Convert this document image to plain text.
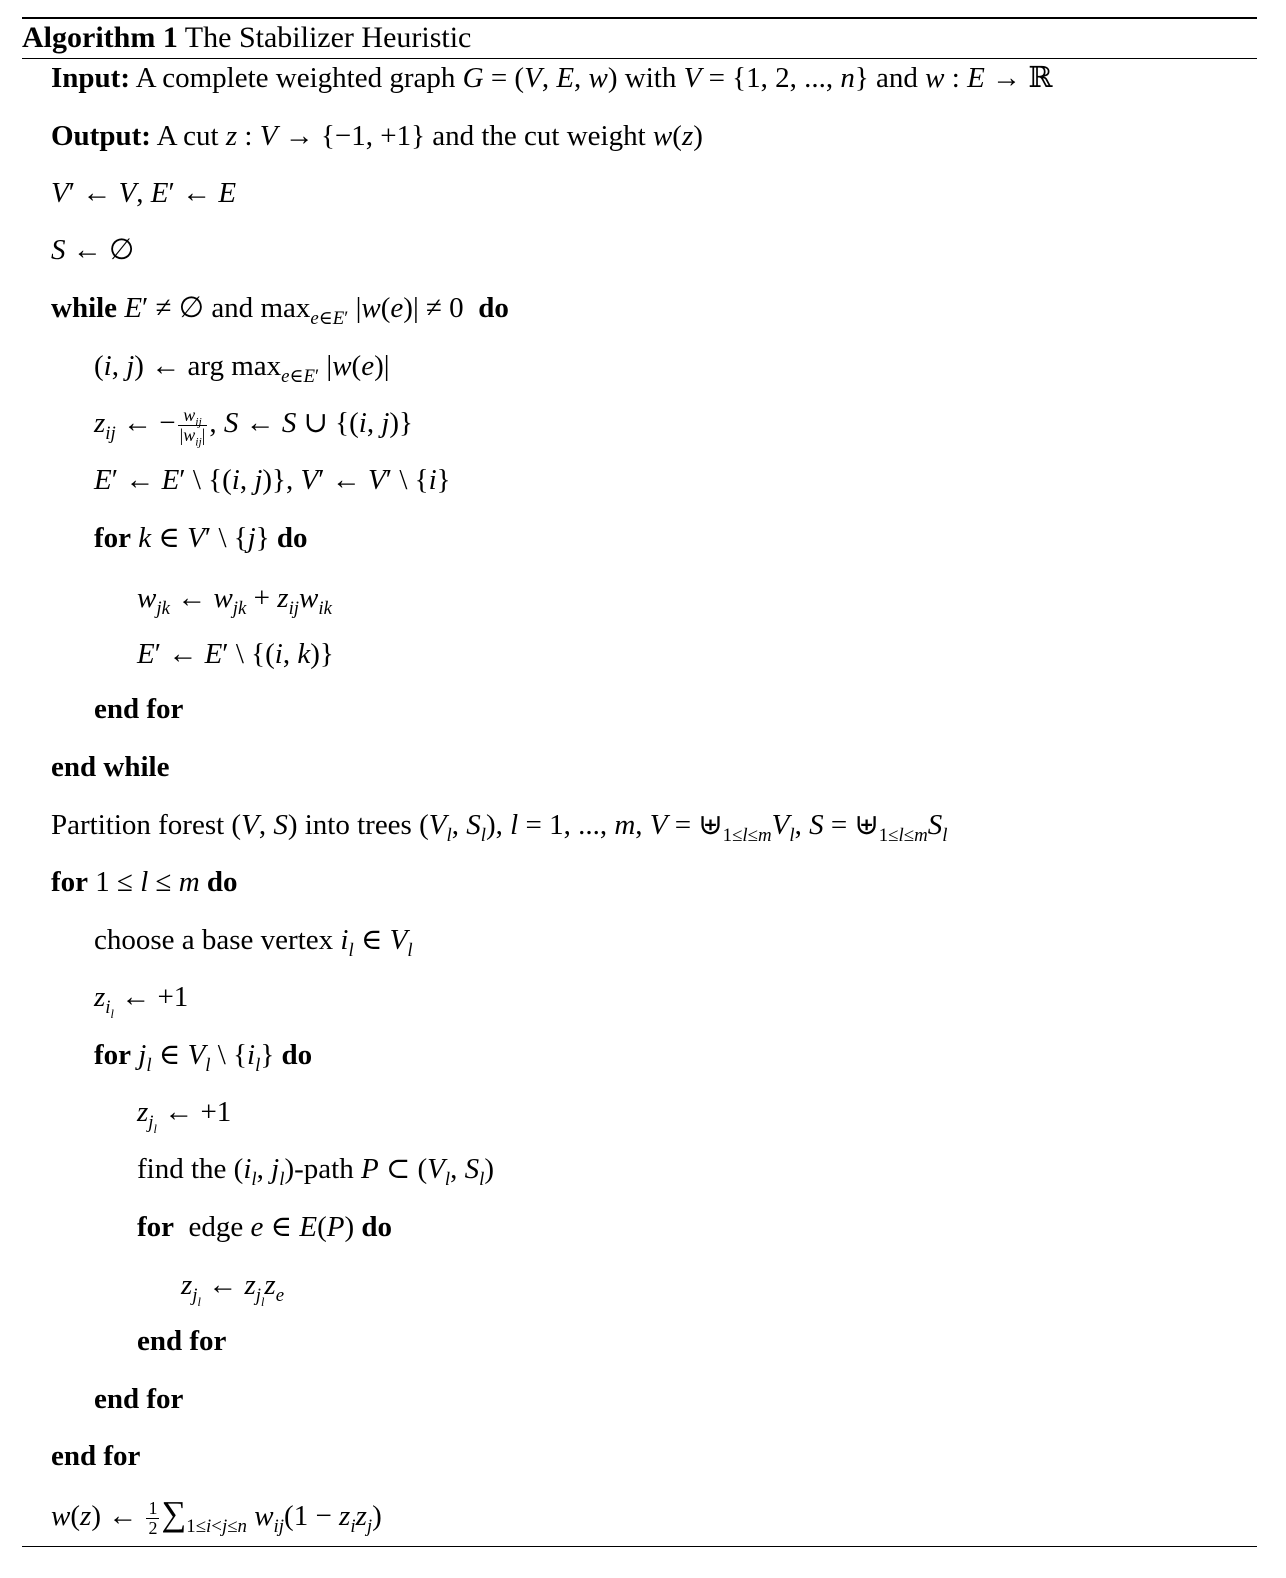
Algorithm 1 The Stabilizer Heuristic
Input: A complete weighted graph G = (V, E, w) with V = {1, 2, ..., n} and w : E → ℝ
Output: A cut z : V → {−1, +1} and the cut weight w(z)
V′ ← V, E′ ← E
S ← ∅
while E′ ≠ ∅ and $\max_{e\in E'} |w(e)| \ne 0$  do
(i, j) ← arg $\max_{e\in E'} |w(e)|$
$z_{ij}$ ← − $\frac{w_{ij}}{|w_{ij}|}$ , S ← S ∪ {(i, j)}
E′ ← E′ \ {(i, j)}, V′ ← V′ \ {i}
for k ∈ V′ \ {j} do
$w_{jk}$ ← $w_{jk} + z_{ij}w_{ik}$
E′ ← E′ \ {(i, k)}
end for
end while
Partition forest (V, S) into trees ($V_l$, $S_l$), l = 1, ..., m, $V = ⊎_{1\le l\le m}V_l$, $S = ⊎_{1\le l\le m}S_l$
for 1 ≤ l ≤ m do
choose a base vertex $i_l$ ∈ $V_l$
$z_{i_l}$ ← +1
for $j_l$ ∈ $V_l$ \ $\{i_l\}$ do
$z_{j_l}$ ← +1
find the ($i_l$, $j_l$)-path P ⊂ ($V_l$, $S_l$)
for edge e ∈ E(P) do
$z_{j_l}$ ← $z_{j_l}z_e$
end for
end for
end for
w(z) ← $\frac{1}{2} \sum_{1\le i<j\le n}$ $w_{ij}(1 - z_iz_j)$
